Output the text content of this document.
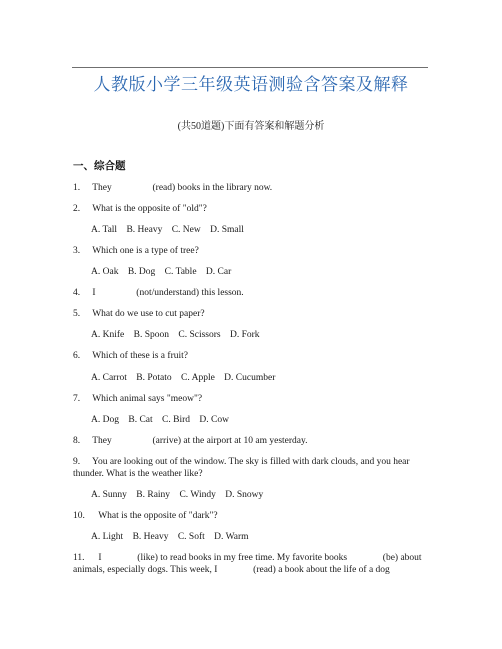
人教版小学三年级英语测验含答案及解释
(共50道题)下面有答案和解题分析
一、综合题
1. They	(read) books in the library now.
2. What is the opposite of "old"?
A. Tall B. Heavy C. New D. Small
3. Which one is a type of tree?
A. Oak B. Dog C. Table D. Car
4. I	(not/understand) this lesson.
5. What do we use to cut paper?
A. Knife B. Spoon C. Scissors D. Fork
6. Which of these is a fruit?
A. Carrot B. Potato C. Apple D. Cucumber
7. Which animal says "meow"?
A. Dog B. Cat C. Bird D. Cow
8. They	(arrive) at the airport at 10 am yesterday.
9. You are looking out of the window. The sky is filled with dark clouds, and you hear
thunder. What is the weather like?
A. Sunny B. Rainy C. Windy D. Snowy
10. What is the opposite of "dark"?
A. Light B. Heavy C. Soft D. Warm
11. I	(like) to read books in my free time. My favorite books	(be) about
animals, especially dogs. This week, I	(read) a book about the life of a dog
